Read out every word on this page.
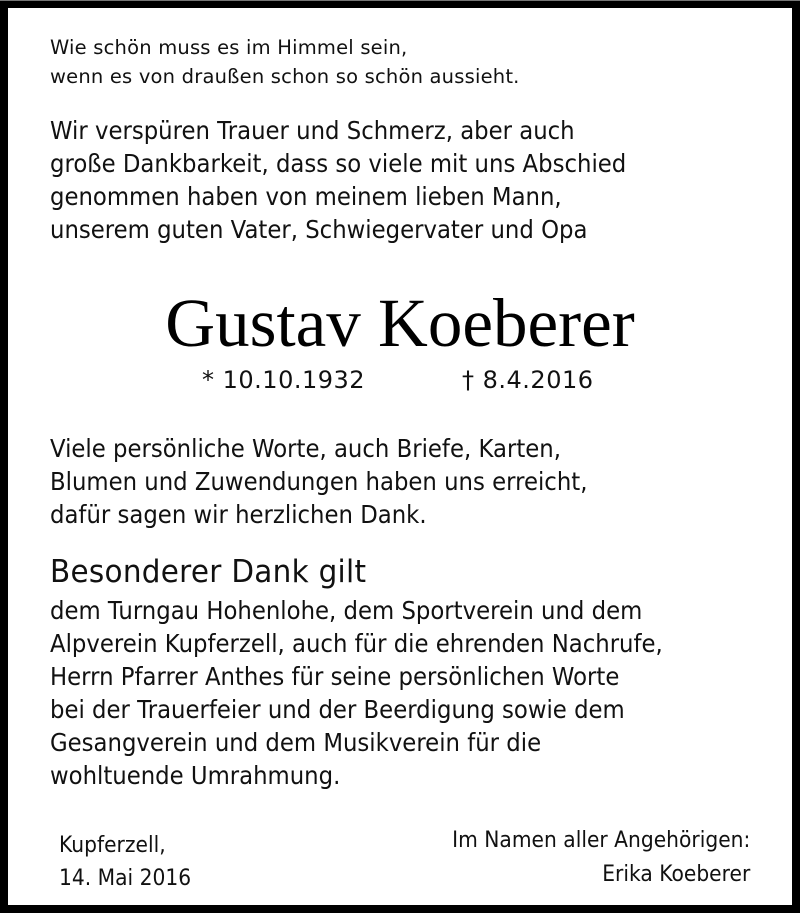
Wie schön muss es im Himmel sein,
wenn es von draußen schon so schön aussieht.
Wir verspüren Trauer und Schmerz, aber auch
große Dankbarkeit, dass so viele mit uns Abschied
genommen haben von meinem lieben Mann,
unserem guten Vater, Schwiegervater und Opa
Gustav Koeberer
* 10.10.1932	† 8.4.2016
Viele persönliche Worte, auch Briefe, Karten,
Blumen und Zuwendungen haben uns erreicht,
dafür sagen wir herzlichen Dank.
Besonderer Dank gilt
dem Turngau Hohenlohe, dem Sportverein und dem
Alpverein Kupferzell, auch für die ehrenden Nachrufe,
Herrn Pfarrer Anthes für seine persönlichen Worte
bei der Trauerfeier und der Beerdigung sowie dem
Gesangverein und dem Musikverein für die
wohltuende Umrahmung.
Kupferzell,
14. Mai 2016
Im Namen aller Angehörigen:
Erika Koeberer
